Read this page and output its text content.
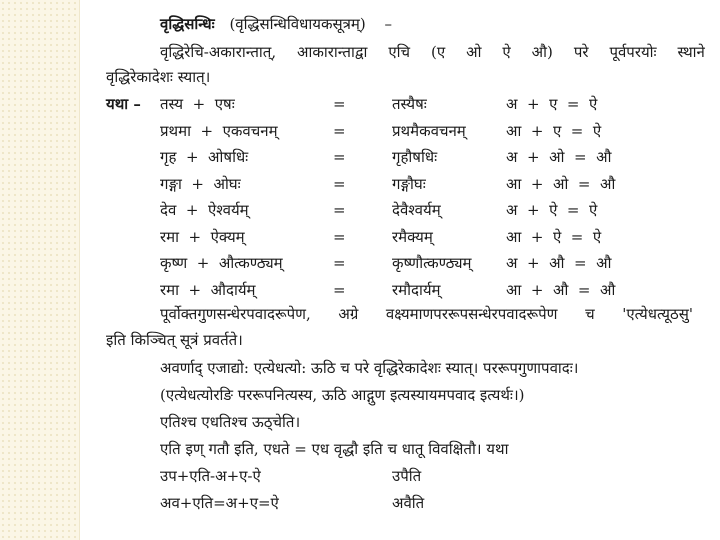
वृद्धिसन्धिः (वृद्धिसन्धिविधायकसूत्रम्) –
वृद्धिरेचि-अकारान्तात्, आकारान्ताद्वा एचि (ए ओ ऐ औ) परे पूर्वपरयोः स्थाने
वृद्धिरेकादेशः स्यात्।
यथा – तस्य  +  एषः	=	तस्यैषः	अ  +  ए  =  ऐ
प्रथमा  +  एकवचनम्	=	प्रथमैकवचनम्	आ  +  ए  =  ऐ
गृह  +  ओषधिः	=	गृहौषधिः	अ  +  ओ  =  औ
गङ्गा  +  ओघः	=	गङ्गौघः	आ  +  ओ  =  औ
देव  +  ऐश्वर्यम्	=	देवैश्वर्यम्	अ  +  ऐ  =  ऐ
रमा  +  ऐक्यम्	=	रमैक्यम्	आ  +  ऐ  =  ऐ
कृष्ण  +  औत्कण्ठ्यम्	=	कृष्णौत्कण्ठ्यम् अ  +  औ  =  औ
रमा  +  औदार्यम्	=	रमौदार्यम्	आ  +  औ  =  औ
पूर्वोक्तगुणसन्धेरपवादरूपेण, अग्रे वक्ष्यमाणपररूपसन्धेरपवादरूपेण च 'एत्येधत्यूठसु'
इति किञ्चित् सूत्रं प्रवर्तते।
अवर्णाद् एजाद्यो: एत्येधत्यो: ऊठि च परे वृद्धिरेकादेशः स्यात्। पररूपगुणापवादः।
(एत्येधत्योरङि पररूपनित्यस्य, ऊठि आद्गुण इत्यस्यायमपवाद इत्यर्थः।)
एतिश्च एधतिश्च ऊठ्चेति।
एति इण् गतौ इति, एधते = एध वृद्धौ इति च धातू विवक्षितौ। यथा
उप+एति-अ+ए-ऐ	उपैति
अव+एति=अ+ए=ऐ	अवैति
